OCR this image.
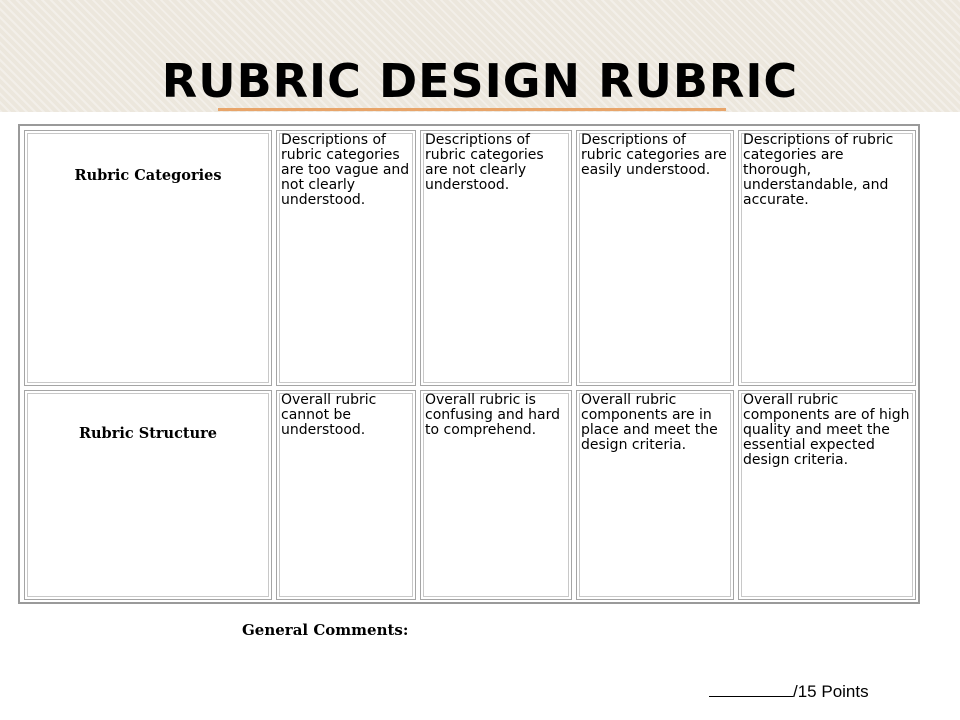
RUBRIC DESIGN RUBRIC
Rubric Categories
Descriptions of rubric categories are too vague and not clearly understood.
Descriptions of rubric categories are not clearly understood.
Descriptions of rubric categories are easily understood.
Descriptions of rubric categories are thorough, understandable, and accurate.
Rubric Structure
Overall rubric cannot be understood.
Overall rubric is confusing and hard to comprehend.
Overall rubric components are in place and meet the design criteria.
Overall rubric components are of high quality and meet the essential expected design criteria.
General Comments:
/15 Points
